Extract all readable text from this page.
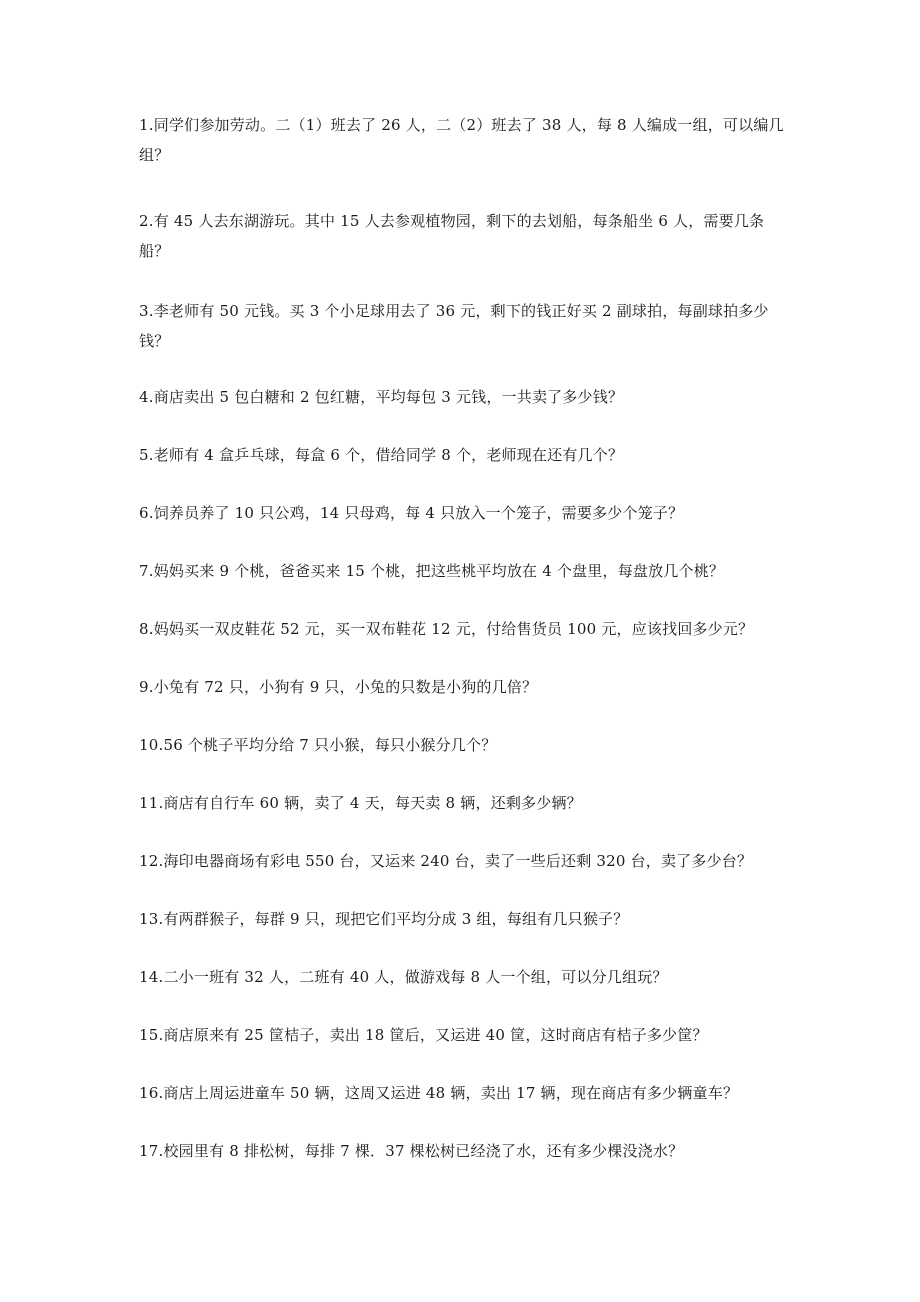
1.同学们参加劳动。二（1）班去了 26 人，二（2）班去了 38 人，每 8 人编成一组，可以编几组？

2.有 45 人去东湖游玩。其中 15 人去参观植物园，剩下的去划船，每条船坐 6 人，需要几条船？

3.李老师有 50 元钱。买 3 个小足球用去了 36 元，剩下的钱正好买 2 副球拍，每副球拍多少钱？

4.商店卖出 5 包白糖和 2 包红糖，平均每包 3 元钱，一共卖了多少钱？

5.老师有 4 盒乒乓球，每盒 6 个，借给同学 8 个，老师现在还有几个？

6.饲养员养了 10 只公鸡，14 只母鸡，每 4 只放入一个笼子，需要多少个笼子？

7.妈妈买来 9 个桃，爸爸买来 15 个桃，把这些桃平均放在 4 个盘里，每盘放几个桃？

8.妈妈买一双皮鞋花 52 元，买一双布鞋花 12 元，付给售货员 100 元，应该找回多少元？

9.小兔有 72 只，小狗有 9 只，小兔的只数是小狗的几倍？

10.56 个桃子平均分给 7 只小猴，每只小猴分几个？

11.商店有自行车 60 辆，卖了 4 天，每天卖 8 辆，还剩多少辆？

12.海印电器商场有彩电 550 台，又运来 240 台，卖了一些后还剩 320 台，卖了多少台？

13.有两群猴子，每群 9 只，现把它们平均分成 3 组，每组有几只猴子？

14.二小一班有 32 人，二班有 40 人，做游戏每 8 人一个组，可以分几组玩？

15.商店原来有 25 筐桔子，卖出 18 筐后，又运进 40 筐，这时商店有桔子多少筐？

16.商店上周运进童车 50 辆，这周又运进 48 辆，卖出 17 辆，现在商店有多少辆童车？

17.校园里有 8 排松树，每排 7 棵．37 棵松树已经浇了水，还有多少棵没浇水？
